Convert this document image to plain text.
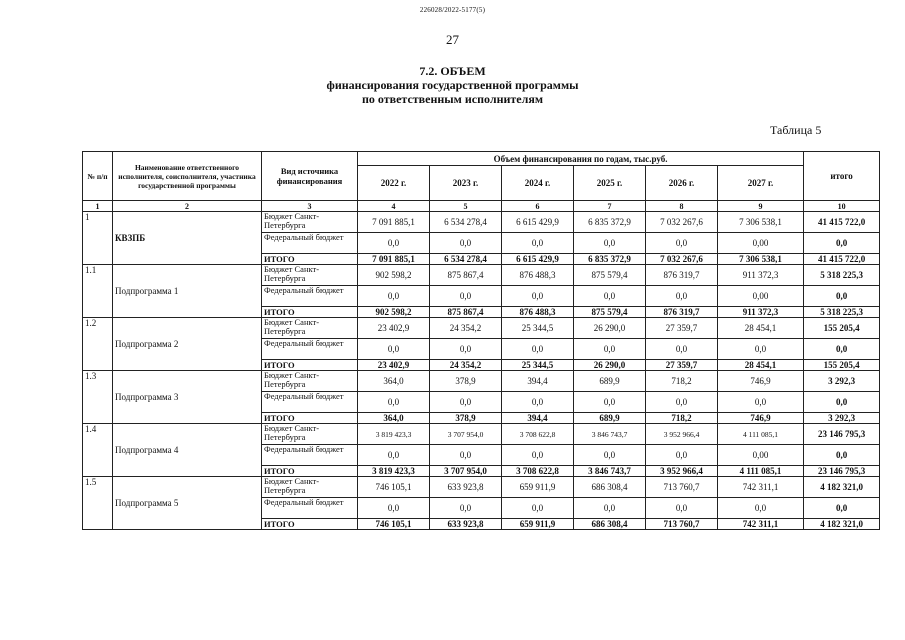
226028/2022-5177(5)
27
7.2. ОБЪЕМ
финансирования государственной программы
по ответственным исполнителям
Таблица 5
№ п/п	Наименование ответственного исполнителя, соисполнителя, участника государственной программы	Вид источника финансирования	Объем финансирования по годам, тыс.руб.						итого
			2022 г.	2023 г.	2024 г.	2025 г.	2026 г.	2027 г.	
1	2	3	4	5	6	7	8	9	10
1	КВЗПБ	Бюджет Санкт-Петербурга	7 091 885,1	6 534 278,4	6 615 429,9	6 835 372,9	7 032 267,6	7 306 538,1	41 415 722,0
		Федеральный бюджет	0,0	0,0	0,0	0,0	0,0	0,00	0,0
		ИТОГО	7 091 885,1	6 534 278,4	6 615 429,9	6 835 372,9	7 032 267,6	7 306 538,1	41 415 722,0
1.1	Подпрограмма 1	Бюджет Санкт-Петербурга	902 598,2	875 867,4	876 488,3	875 579,4	876 319,7	911 372,3	5 318 225,3
		Федеральный бюджет	0,0	0,0	0,0	0,0	0,0	0,00	0,0
		ИТОГО	902 598,2	875 867,4	876 488,3	875 579,4	876 319,7	911 372,3	5 318 225,3
1.2	Подпрограмма 2	Бюджет Санкт-Петербурга	23 402,9	24 354,2	25 344,5	26 290,0	27 359,7	28 454,1	155 205,4
		Федеральный бюджет	0,0	0,0	0,0	0,0	0,0	0,0	0,0
		ИТОГО	23 402,9	24 354,2	25 344,5	26 290,0	27 359,7	28 454,1	155 205,4
1.3	Подпрограмма 3	Бюджет Санкт-Петербурга	364,0	378,9	394,4	689,9	718,2	746,9	3 292,3
		Федеральный бюджет	0,0	0,0	0,0	0,0	0,0	0,0	0,0
		ИТОГО	364,0	378,9	394,4	689,9	718,2	746,9	3 292,3
1.4	Подпрограмма 4	Бюджет Санкт-Петербурга	3 819 423,3	3 707 954,0	3 708 622,8	3 846 743,7	3 952 966,4	4 111 085,1	23 146 795,3
		Федеральный бюджет	0,0	0,0	0,0	0,0	0,0	0,00	0,0
		ИТОГО	3 819 423,3	3 707 954,0	3 708 622,8	3 846 743,7	3 952 966,4	4 111 085,1	23 146 795,3
1.5	Подпрограмма 5	Бюджет Санкт-Петербурга	746 105,1	633 923,8	659 911,9	686 308,4	713 760,7	742 311,1	4 182 321,0
		Федеральный бюджет	0,0	0,0	0,0	0,0	0,0	0,0	0,0
		ИТОГО	746 105,1	633 923,8	659 911,9	686 308,4	713 760,7	742 311,1	4 182 321,0
